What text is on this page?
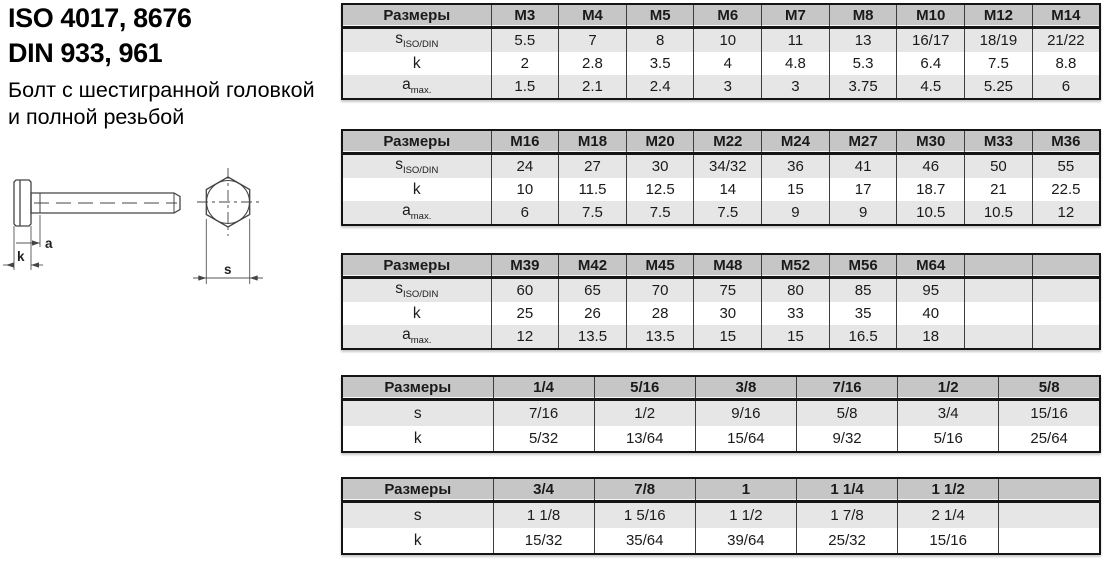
ISO 4017, 8676
DIN 933, 961
Болт с шестигранной головкой
и полной резьбой
a
k
s
Размеры	M3	M4	M5	M6	M7	M8	M10	M12	M14
$s_{ISO/DIN}$	5.5	7	8	10	11	13	16/17	18/19	21/22
k	2	2.8	3.5	4	4.8	5.3	6.4	7.5	8.8
$a_{max.}$	1.5	2.1	2.4	3	3	3.75	4.5	5.25	6
Размеры	M16	M18	M20	M22	M24	M27	M30	M33	M36
$s_{ISO/DIN}$	24	27	30	34/32	36	41	46	50	55
k	10	11.5	12.5	14	15	17	18.7	21	22.5
$a_{max.}$	6	7.5	7.5	7.5	9	9	10.5	10.5	12
Размеры	M39	M42	M45	M48	M52	M56	M64		
$s_{ISO/DIN}$	60	65	70	75	80	85	95		
k	25	26	28	30	33	35	40		
$a_{max.}$	12	13.5	13.5	15	15	16.5	18		
Размеры	1/4	5/16	3/8	7/16	1/2	5/8
s	7/16	1/2	9/16	5/8	3/4	15/16
k	5/32	13/64	15/64	9/32	5/16	25/64
Размеры	3/4	7/8	1	1 1/4	1 1/2	
s	1 1/8	1 5/16	1 1/2	1 7/8	2 1/4	
k	15/32	35/64	39/64	25/32	15/16	
